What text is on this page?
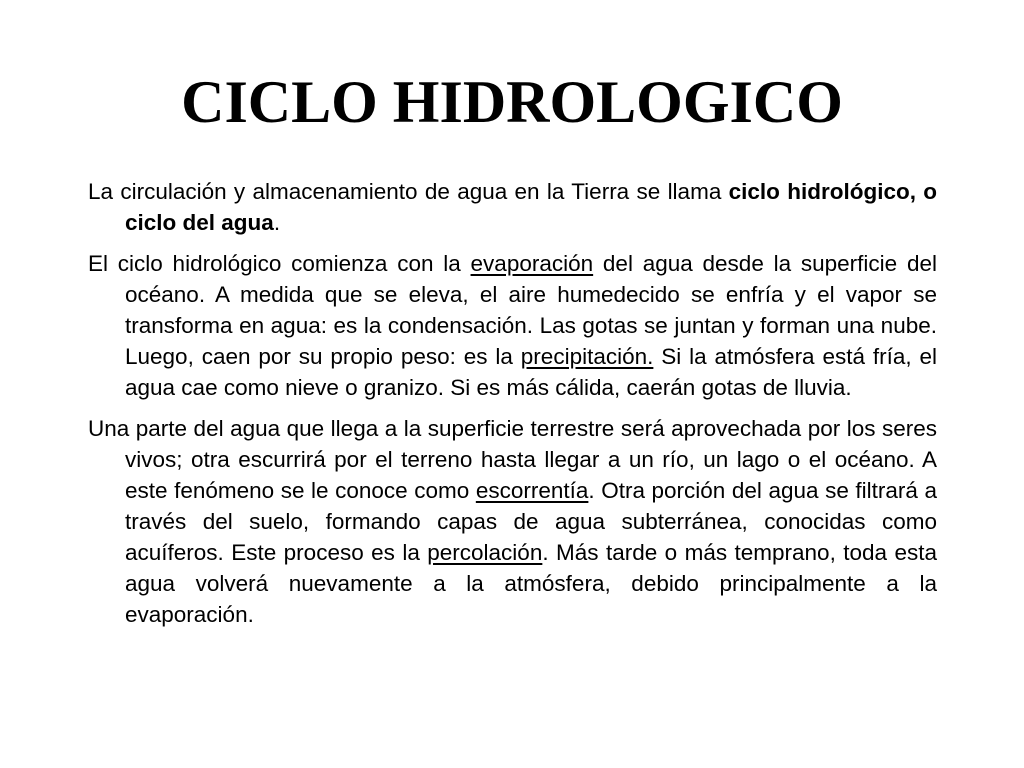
CICLO HIDROLOGICO

La circulación y almacenamiento de agua en la Tierra se llama ciclo hidrológico, o ciclo del agua.

El ciclo hidrológico comienza con la evaporación del agua desde la superficie del océano. A medida que se eleva, el aire humedecido se enfría y el vapor se transforma en agua: es la condensación. Las gotas se juntan y forman una nube. Luego, caen por su propio peso: es la precipitación. Si la atmósfera está fría, el agua cae como nieve o granizo. Si es más cálida, caerán gotas de lluvia.

Una parte del agua que llega a la superficie terrestre será aprovechada por los seres vivos; otra escurrirá por el terreno hasta llegar a un río, un lago o el océano. A este fenómeno se le conoce como escorrentía. Otra porción del agua se filtrará a través del suelo, formando capas de agua subterránea, conocidas como acuíferos. Este proceso es la percolación. Más tarde o más temprano, toda esta agua volverá nuevamente a la atmósfera, debido principalmente a la evaporación.
